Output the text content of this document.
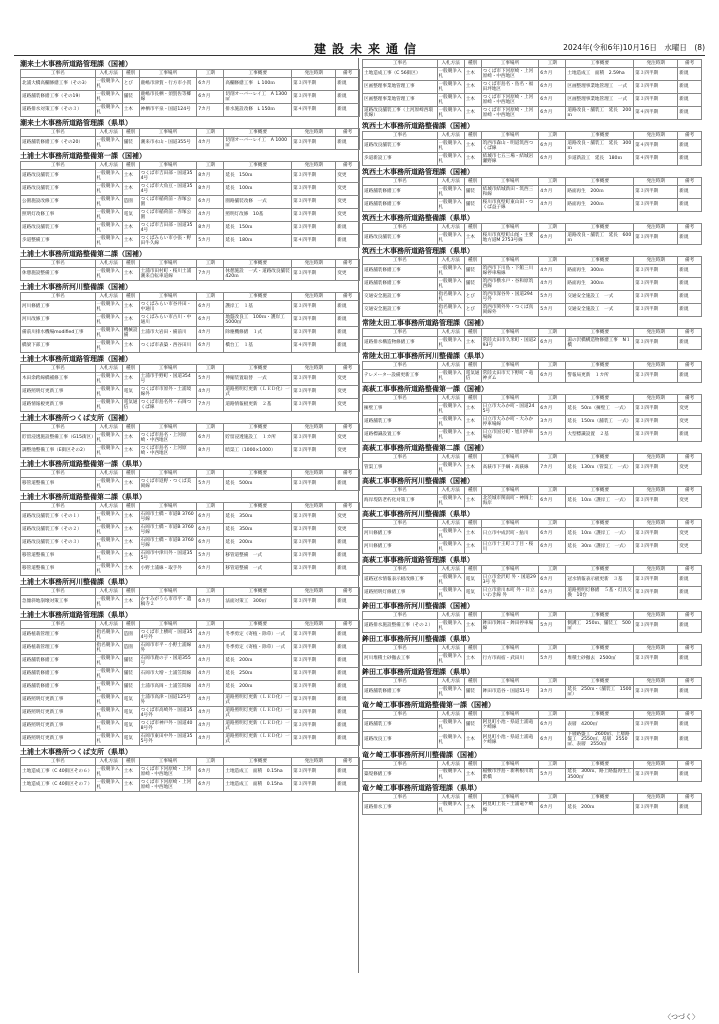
建設未来通信	2024年(令和6年)10月16日　水曜日　(8)
潮来土木事務所道路管理課（国補）
工事名	入札方法	種別	工事場所	工期	工事概要	発注時期	備考
北浦大橋高欄修繕工事（その3）	一般競争入札	とび	鹿嶋市津賀・行方市小貫	6カ月	高欄修繕工事　L 100ｍ	第３四半期	新規
道路舗装修繕工事（その19）	一般競争入札	舗装	鹿嶋市長栖・須賀佐等郷線	6カ月	切削オーバーレイ工　A 1300㎡	第３四半期	新規
道路排水対策工事（その３）	一般競争入札	土木	神栖市平泉・国道124号	7カ月	排水施設改修　L 150ｍ	第４四半期	新規
潮来土木事務所道路管理課（県単）
工事名	入札方法	種別	工事場所	工期	工事概要	発注時期	備考
道路舗装修繕工事（その20）	一般競争入札	舗装	潮来市永山・国道355号	4カ月	切削オーバーレイ工　A 1000㎡	第３四半期	新規
土浦土木事務所道路整備第一課（国補）
工事名	入札方法	種別	工事場所	工期	工事概要	発注時期	備考
道路改良舗装工事	一般競争入札	土木	つくば市吉田部・国道354号	8カ月	延長　150ｍ	第３四半期	変更
道路改良舗装工事	一般競争入札	土木	つくば市大角豆・国道354号	8カ月	延長　100ｍ	第３四半期	変更
公園施設改修工事	一般競争入札	造園	つくば市稲荷前・赤塚公園	6カ月	園路舗装改修　一式	第３四半期	変更
照明灯改修工事	一般競争入札	電気	つくば市稲荷前・赤塚公園	4カ月	照明灯改修　10基	第３四半期	変更
道路改良舗装工事	一般競争入札	土木	つくば市吉田部・国道354号	8カ月	延長　150ｍ	第３四半期	新規
歩道整備工事	一般競争入札	土木	つくばみらい市小張・野田牛久線	5カ月	延長　180ｍ	第４四半期	新規
土浦土木事務所道路整備第二課（国補）
工事名	入札方法	種別	工事場所	工期	工事概要	発注時期	備考
休憩施設整備工事	一般競争入札	土木	土浦市田村町・桜川土浦潮来自転車道線	7カ月	休憩施設　一式・道路改良舗装　420ｍ	第３四半期	変更
土浦土木事務所河川整備課（国補）
工事名	入札方法	種別	工事場所	工期	工事概要	発注時期	備考
河川修繕工事	一般競争入札	土木	つくばみらい市谷井田・中通川	6カ月	護岸工　１基	第３四半期	新規
河川改修工事	一般競争入札	土木	つくばみらい市古川・中通川	6カ月	地盤改良工　100ｍ・護岸工　5000㎡	第３四半期	新規
備前川排水機場modified工事	一般競争入札	機械設備	土浦市大岩田・備前川	4カ月	除塵機修繕　１式	第３四半期	新規
橋梁下部工事	一般競争入札	土木	つくば市表築・西谷田川	6カ月	橋台工　１基	第４四半期	新規
土浦土木事務所道路管理課（国補）
工事名	入札方法	種別	工事場所	工期	工事概要	発注時期	備考
木田余跨線橋補修工事	一般競争入札	土木	土浦市手野町・国道354号	5カ月	伸縮装置取替　一式	第３四半期	変更
道路照明灯更新工事	一般競争入札	電気	つくば市市原外・土浦境線外	4カ月	道路照明灯更新（ＬＥＤ化）一式	第３四半期	変更
道路情報板更新工事	一般競争入札	電気通信	つくば市島名外・石岡つくば線	7カ月	道路情報板更新　２基	第３四半期	変更
土浦土木事務所つくば支所（国補）
工事名	入札方法	種別	工事場所	工期	工事概要	発注時期	備考
貯留浸透施設整備工事（G15街区）	一般競争入札	土木	つくば市島名・上河原崎・中西地区	6カ月	貯留浸透施設工　１カ所	第３四半期	変更
調整池整備工事（E街区その2）	一般競争入札	土木	つくば市島名・上河原崎・中西地区	8カ月	暗渠工（1000×1000）	第３四半期	変更
土浦土木事務所道路整備第一課（県単）
工事名	入札方法	種別	工事場所	工期	工事概要	発注時期	備考
移管道整備工事	一般競争入札	土木	つくば市返野・つくば美岡線	5カ月	延長　500ｍ	第３四半期	新規
土浦土木事務所道路整備第二課（県単）
工事名	入札方法	種別	工事場所	工期	工事概要	発注時期	備考
道路改良舗装工事（その１）	一般競争入札	土木	石岡市土橋・市道B 3760号線	6カ月	延長　350ｍ	第３四半期	変更
道路改良舗装工事（その２）	一般競争入札	土木	石岡市土橋・市道B 3760号線	6カ月	延長　350ｍ	第３四半期	変更
道路改良舗装工事（その３）	一般競争入札	土木	石岡市土橋・市道B 3760号線	6カ月	延長　200ｍ	第３四半期	新規
移管道整備工事	一般競争入札	土木	石岡市中津川外・国道355号	5カ月	移管道整備　一式	第３四半期	新規
移管道整備工事	一般競争入札	土木	小野土浦線・取手外	6カ月	移管道整備　一式	第３四半期	新規
土浦土木事務所河川整備課（県単）
工事名	入札方法	種別	工事場所	工期	工事概要	発注時期	備考
急傾斜地崩壊対策工事	一般競争入札	土木	かすみがうら市市平・遺稿寺２	6カ月	法面対策工　300㎡	第３四半期	新規
土浦土木事務所道路管理課（県単）
工事名	入札方法	種別	工事場所	工期	工事概要	発注時期	備考
道路植栽管理工事	指名競争入札	造園	つくば市上横町・国道354号外	4カ月	冬季剪定（寄植・除草）一式	第３四半期	新規
道路植栽管理工事	指名競争入札	造園	石岡市市平・小野土浦線外	4カ月	冬季剪定（寄植・除草）一式	第３四半期	新規
道路舗装修繕工事	一般競争入札	舗装	石岡市鹿の子・国道355号	4カ月	延長　200ｍ	第３四半期	新規
道路舗装修繕工事	一般競争入札	舗装	石岡市大増・土浦笠間線	4カ月	延長　250ｍ	第３四半期	新規
道路舗装修繕工事	一般競争入札	舗装	土浦市高岡・土浦笠間線	4カ月	延長　200ｍ	第３四半期	新規
道路照明灯更新工事	一般競争入札	電気	土浦市高津・国道125号外	4カ月	道路照明灯更新（ＬＥＤ化）一式	第３四半期	新規
道路照明灯更新工事	一般競争入札	電気	つくば市高崎外・国道354号外	4カ月	道路照明灯更新（ＬＥＤ化）一式	第３四半期	新規
道路照明灯更新工事	一般競争入札	電気	つくば市神戸外・国道408号外	4カ月	道路照明灯更新（ＬＥＤ化）一式	第３四半期	新規
道路照明灯更新工事	一般競争入札	電気	石岡市東田中外・国道355号外	4カ月	道路照明灯更新（ＬＥＤ化）一式	第３四半期	新規
土浦土木事務所つくば支所（県単）
工事名	入札方法	種別	工事場所	工期	工事概要	発注時期	備考
土地造成工事（C 40街区その６）	一般競争入札	土木	つくば市下河原崎・上河原崎・中西地区	6カ月	土地造成工　面積　0.15ha	第３四半期	新規
土地造成工事（C 40街区その７）	一般競争入札	土木	つくば市下河原崎・上河原崎・中西地区	6カ月	土地造成工　面積　0.15ha	第３四半期	新規
工事名	入札方法	種別	工事場所	工期	工事概要	発注時期	備考
土地造成工事（C 56街区）	一般競争入札	土木	つくば市下河原崎・上河原崎・中西地区	6カ月	土地造成工　面積　2.59ha	第３四半期	新規
区画整理事業地管理工事	一般競争入札	土木	つくば市島名・島名・福田坪地区	6カ月	区画整理事業地管理工　一式	第３四半期	新規
区画整理事業地管理工事	一般競争入札	土木	つくば市下河原崎・上河原崎・中西地区	6カ月	区画整理事業地管理工　一式	第３四半期	新規
道路改良舗装工事（上河原崎西環状線）	一般競争入札	土木	つくば市下河原崎・上河原崎・中西地区	6カ月	道路改良・舗装工　延長　200ｍ	第４四半期	新規
筑西土木事務所道路整備課（国補）
工事名	入札方法	種別	工事場所	工期	工事概要	発注時期	備考
道路改良舗装工事	一般競争入札	土木	筑西市森山・明道筑西つくば線	6カ月	道路改良・舗装工　延長　300ｍ	第４四半期	新規
歩道新設工事	一般競争入札	土木	結城市七五三場・結城岩瀬野線	6カ月	歩道新設工　延長　180ｍ	第４四半期	新規
筑西土木事務所道路管理課（国補）
工事名	入札方法	種別	工事場所	工期	工事概要	発注時期	備考
道路舗装修繕工事	一般競争入札	舗装	結城市結城新田・筑西三和線	4カ月	路面再生　200ｍ	第３四半期	新規
道路舗装修繕工事	一般競争入札	舗装	桜川市真壁町東山田・つくば益子線	4カ月	路面再生　200ｍ	第３四半期	新規
筑西土木事務所道路整備課（県単）
工事名	入札方法	種別	工事場所	工期	工事概要	発注時期	備考
道路改良舗装工事	一般競争入札	土木	桜川市真壁町山尾・主要地方道M 2753号線	6カ月	道路改良・舗装工　延長　600ｍ	第３四半期	新規
筑西土木事務所道路管理課（県単）
工事名	入札方法	種別	工事場所	工期	工事概要	発注時期	備考
道路舗装修繕工事	一般競争入札	舗装	筑西市下川島・下館三川線停車場線	4カ月	路面再生　300ｍ	第３四半期	新規
道路舗装修繕工事	一般競争入札	舗装	筑西市横水戸・谷和原筑西線	4カ月	路面再生　300ｍ	第３四半期	新規
交通安全施設工事	指名競争入札	とび	筑西市深谷外・国道294号外	5カ月	交通安全施設工　一式	第３四半期	新規
交通安全施設工事	指名競争入札	とび	筑西市関外外・つくば真岡線外	5カ月	交通安全施設工　一式	第３四半期	新規
常陸太田工事事務所道路管理課（国補）
工事名	入札方法	種別	工事場所	工期	工事概要	発注時期	備考
道路排水構造物修繕工事	一般競争入札	土木	常陸太田市久米町・国道293号	6カ月	湯の沢橋構造物修繕工事　N１橋	第３四半期	新規
常陸太田工事事務所河川整備課（県単）
工事名	入札方法	種別	工事場所	工期	工事概要	発注時期	備考
テレメーター設備更新工事	一般競争入札	電気通信	常陸太田市天下野町・竜神ダム	6カ月	警報局更新　１カ所	第３四半期	新規
高萩工事事務所道路整備第一課（国補）
工事名	入札方法	種別	工事場所	工期	工事概要	発注時期	備考
擁壁工事	一般競争入札	土木	日立市大みか町・国道245号	6カ月	延長　50ｍ（擁壁工　一式）	第３四半期	変更
道路舗装工事	一般競争入札	土木	日立市大みか町・大みか停車場線	3カ月	延長　150ｍ（舗装工　一式）	第３四半期	変更
道路標識設置工事	一般競争入札	土木	日立市国分町・旭川停車場線	5カ月	大型標識設置　２基	第３四半期	新規
高萩工事事務所道路整備第二課（国補）
工事名	入札方法	種別	工事場所	工期	工事概要	発注時期	備考
管渠工事	一般競争入札	土木	高萩市下手綱・高萩線	7カ月	延長　130ｍ（管渠工　一式）	第３四半期	変更
高萩工事事務所河川整備課（国補）
工事名	入札方法	種別	工事場所	工期	工事概要	発注時期	備考
海岸堤防老朽化対策工事	一般競争入札	土木	北茨城市関南町・神岡上海岸	6カ月	延長　10ｍ（護岸工　一式）	第３四半期	変更
高萩工事事務所河川整備課（県単）
工事名	入札方法	種別	工事場所	工期	工事概要	発注時期	備考
河川修繕工事	一般競争入札	土木	日立市中成沢町・鮎川	6カ月	延長　10ｍ（護岸工　一式）	第３四半期	変更
河川修繕工事	一般競争入札	土木	日立市十王町３丁目・桜川	6カ月	延長　30ｍ（護岸工　一式）	第３四半期	変更
高萩工事事務所道路管理課（県単）
工事名	入札方法	種別	工事場所	工期	工事概要	発注時期	備考
道路冠水情報表示板改修工事	一般競争入札	電気	日立市金沢町 外・国道293号 外	6カ月	冠水情報表示板更新　３基	第３四半期	新規
道路照明灯修繕工事	一般競争入札	電気	日立市滑川本町 外・日立いわき線 外	6カ月	道路照明灯修繕　５基・灯具交換　10台	第３四半期	新規
鉾田工事事務所河川整備課（国補）
工事名	入札方法	種別	工事場所	工期	工事概要	発注時期	備考
道路排水施設整備工事（その２）	一般競争入札	土木	鉾田市鉾田・鉾田停車場線	5カ月	側溝工　250ｍ、舗装工　500㎡	第３四半期	新規
鉾田工事事務所河川整備課（県単）
工事名	入札方法	種別	工事場所	工期	工事概要	発注時期	備考
河川堆積土砂撤去工事	一般競争入札	土木	行方市両宿・武田川	5カ月	堆積土砂撤去　2500㎥	第３四半期	新規
鉾田工事事務所道路管理課（県単）
工事名	入札方法	種別	工事場所	工期	工事概要	発注時期	備考
道路舗装修繕工事	一般競争入札	舗装	鉾田市造谷・国道51号	3カ月	延長　250ｍ・（舗装工　1500㎡）	第３四半期	新規
竜ケ崎工事事務所道路整備第一課（国補）
工事名	入札方法	種別	工事場所	工期	工事概要	発注時期	備考
道路舗装工事	一般競争入札	舗装	阿見町小池・県道土浦竜ケ崎線	6カ月	表層　4200㎡	第３四半期	新規
道路改良工事	一般競争入札	土木	阿見町小池・県道土浦竜ケ崎線	6カ月	下層路盤工　2600㎡、上層路盤工　2550㎡、基層　2550㎡、表層　2550㎡	第３四半期	新規
竜ケ崎工事事務所河川整備課（国補）
工事名	入札方法	種別	工事場所	工期	工事概要	発注時期	備考
築堤修繕工事	一般競争入札	土木	稲敷市浮島・新利根川筑紫橋	5カ月	延長　300ｍ、路上路盤再生工　3500㎡	第３四半期	新規
竜ケ崎工事事務所道路管理課（県単）
工事名	入札方法	種別	工事場所	工期	工事概要	発注時期	備考
道路排水工事	一般競争入札	土木	阿見町上長・土浦竜ケ崎線	6カ月	延長　200ｍ	第３四半期	新規
〈つづく〉
